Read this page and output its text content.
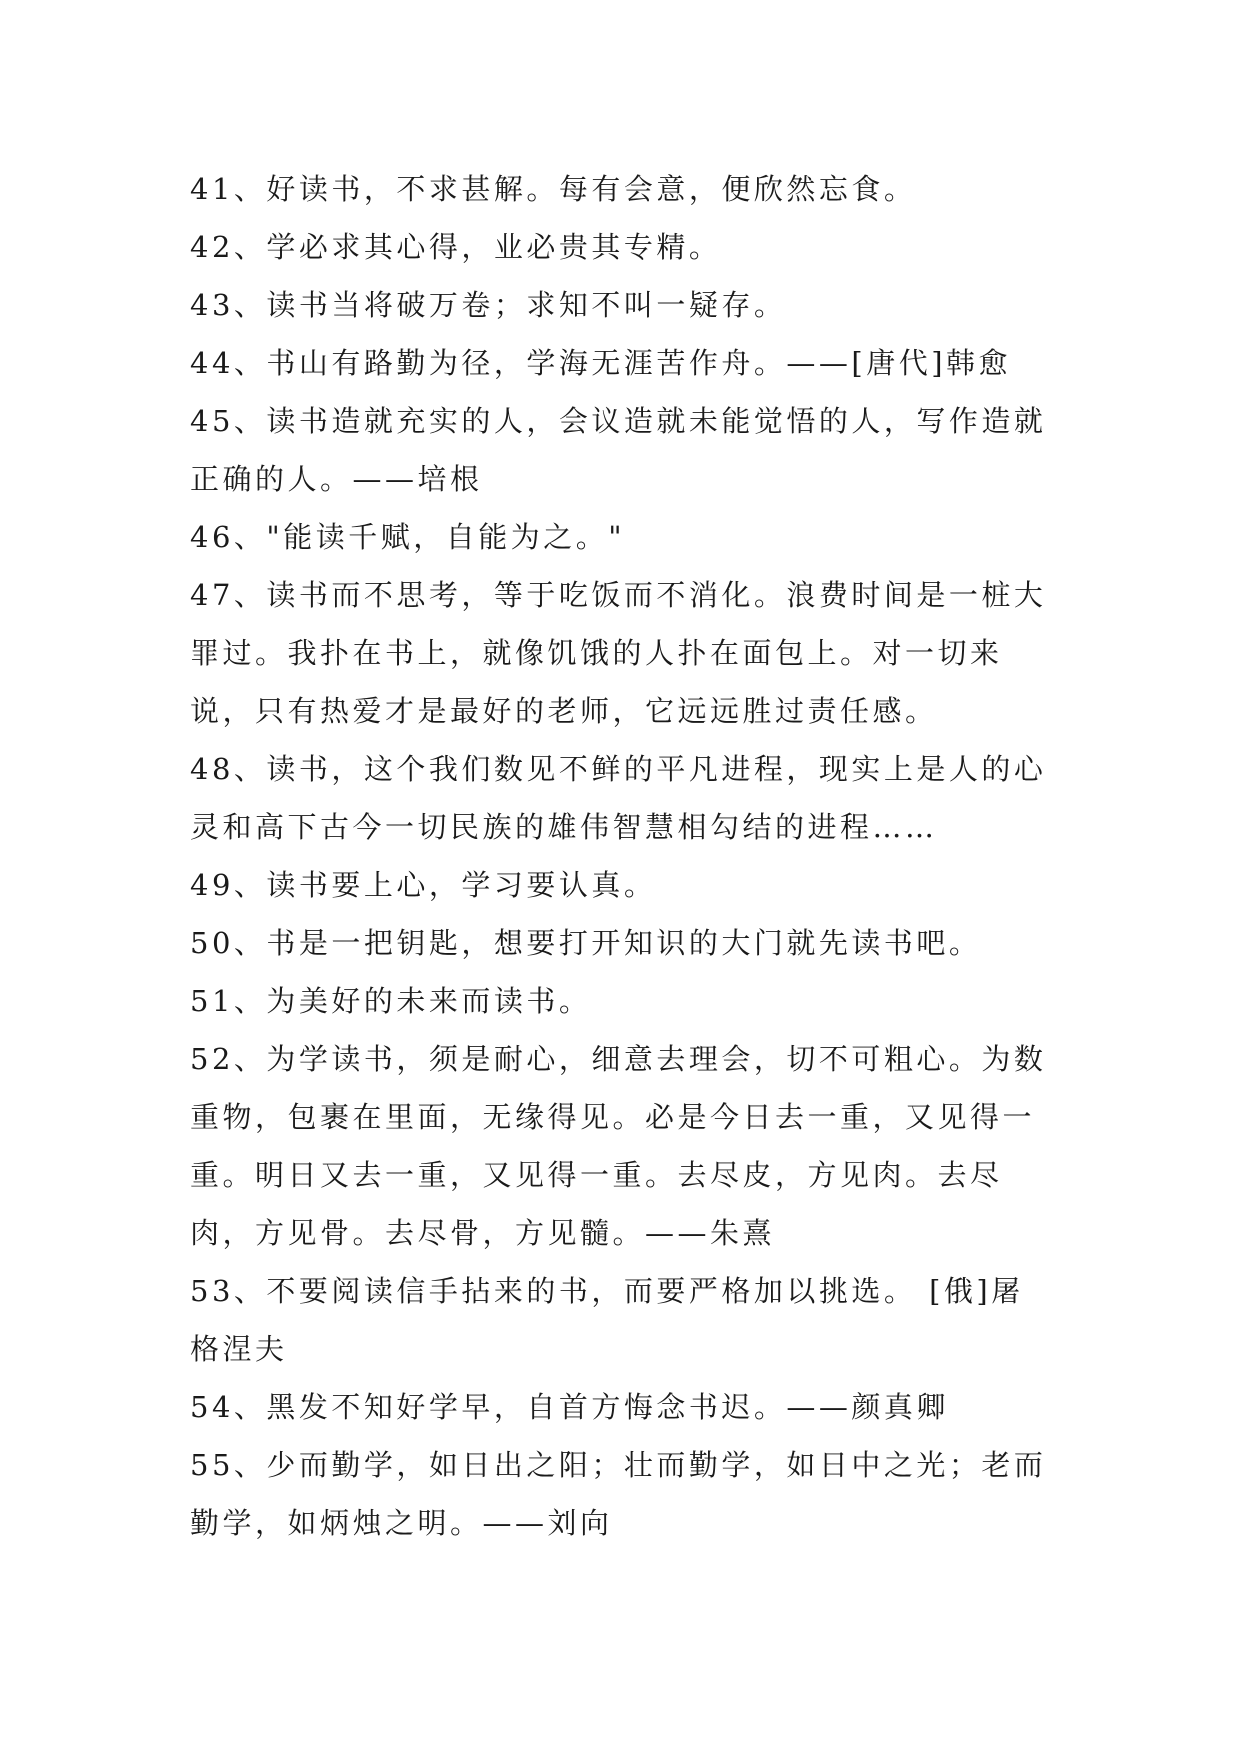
41、好读书，不求甚解。每有会意，便欣然忘食。
42、学必求其心得，业必贵其专精。
43、读书当将破万卷；求知不叫一疑存。
44、书山有路勤为径，学海无涯苦作舟。——[唐代]韩愈
45、读书造就充实的人，会议造就未能觉悟的人，写作造就正确的人。——培根
46、"能读千赋，自能为之。"
47、读书而不思考，等于吃饭而不消化。浪费时间是一桩大罪过。我扑在书上，就像饥饿的人扑在面包上。对一切来说，只有热爱才是最好的老师，它远远胜过责任感。
48、读书，这个我们数见不鲜的平凡进程，现实上是人的心灵和高下古今一切民族的雄伟智慧相勾结的进程……
49、读书要上心，学习要认真。
50、书是一把钥匙，想要打开知识的大门就先读书吧。
51、为美好的未来而读书。
52、为学读书，须是耐心，细意去理会，切不可粗心。为数重物，包裹在里面，无缘得见。必是今日去一重，又见得一重。明日又去一重，又见得一重。去尽皮，方见肉。去尽肉，方见骨。去尽骨，方见髓。——朱熹
53、不要阅读信手拈来的书，而要严格加以挑选。 [俄]屠格涅夫
54、黑发不知好学早，自首方悔念书迟。——颜真卿
55、少而勤学，如日出之阳；壮而勤学，如日中之光；老而勤学，如炳烛之明。——刘向
